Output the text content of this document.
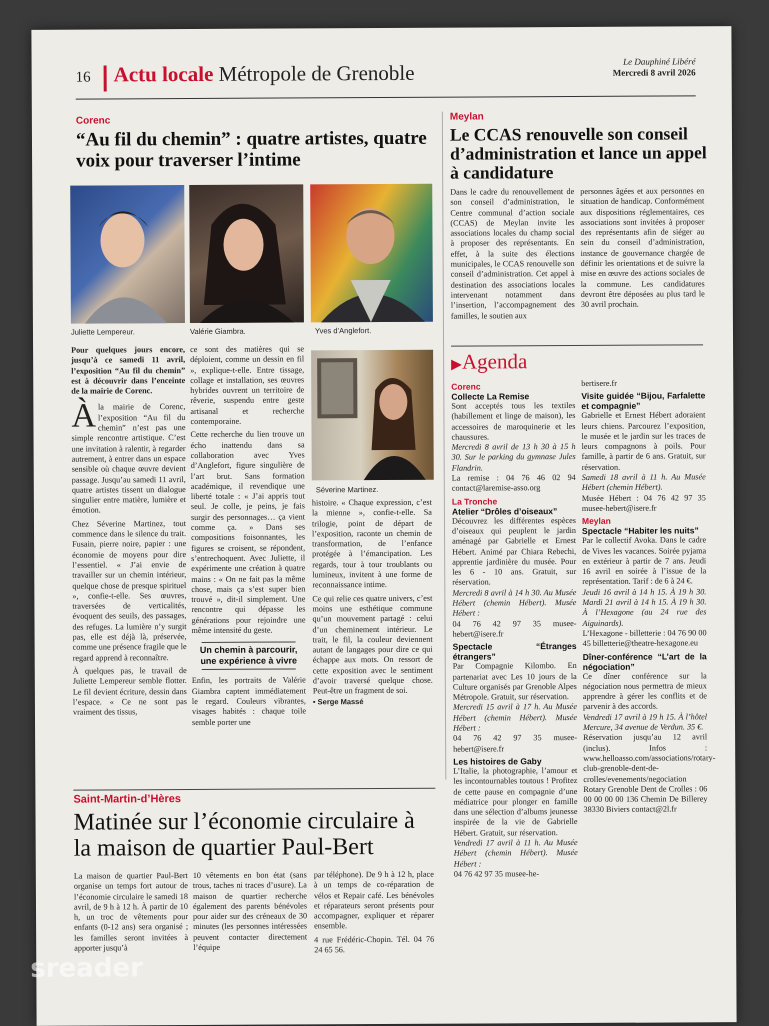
16 Actu locale Métropole de Grenoble	Le Dauphiné Libéré
Mercredi 8 avril 2026
Corenc
“Au fil du chemin” : quatre artistes, quatre voix pour traverser l’intime
Juliette Lempereur.	Valérie Giambra.	Yves d’Anglefort.
Séverine Martinez.

Pour quelques jours encore, jusqu’à ce samedi 11 avril, l’exposition “Au fil du chemin” est à découvrir dans l’enceinte de la mairie de Corenc.

Àla mairie de Corenc, l’exposition “Au fil du chemin” n’est pas une simple rencontre artistique. C’est une invitation à ralentir, à regarder autrement, à entrer dans un espace sensible où chaque œuvre devient passage. Jusqu’au samedi 11 avril, quatre artistes tissent un dialogue singulier entre matière, lumière et émotion.

Chez Séverine Martinez, tout commence dans le silence du trait. Fusain, pierre noire, papier : une économie de moyens pour dire l’essentiel. « J’ai envie de travailler sur un chemin intérieur, quelque chose de presque spirituel », confie-t-elle. Ses œuvres, traversées de verticalités, évoquent des seuils, des passages, des refuges. La lumière n’y surgit pas, elle est déjà là, préservée, comme une présence fragile que le regard apprend à reconnaître.

À quelques pas, le travail de Juliette Lempereur semble flotter. Le fil devient écriture, dessin dans l’espace. « Ce ne sont pas vraiment des tissus,

ce sont des matières qui se déploient, comme un dessin en fil », explique-t-elle. Entre tissage, collage et installation, ses œuvres hybrides ouvrent un territoire de rêverie, suspendu entre geste artisanal et recherche contemporaine.

Cette recherche du lien trouve un écho inattendu dans sa collaboration avec Yves d’Anglefort, figure singulière de l’art brut. Sans formation académique, il revendique une liberté totale : « J’ai appris tout seul. Je colle, je peins, je fais surgir des personnages… ça vient comme ça. » Dans ses compositions foisonnantes, les figures se croisent, se répondent, s’entrechoquent. Avec Juliette, il expérimente une création à quatre mains : « On ne fait pas la même chose, mais ça s’est super bien trouvé », dit-il simplement. Une rencontre qui dépasse les générations pour rejoindre une même intensité du geste.

Un chemin à parcourir, une expérience à vivre

Enfin, les portraits de Valérie Giambra captent immédiatement le regard. Couleurs vibrantes, visages habités : chaque toile semble porter une

histoire. « Chaque expression, c’est la mienne », confie-t-elle. Sa trilogie, point de départ de l’exposition, raconte un chemin de transformation, de l’enfance protégée à l’émancipation. Les regards, tour à tour troublants ou lumineux, invitent à une forme de reconnaissance intime.

Ce qui relie ces quatre univers, c’est moins une esthétique commune qu’un mouvement partagé : celui d’un cheminement intérieur. Le trait, le fil, la couleur deviennent autant de langages pour dire ce qui échappe aux mots. On ressort de cette exposition avec le sentiment d’avoir traversé quelque chose. Peut-être un fragment de soi.

• Serge Massé

Meylan
Le CCAS renouvelle son conseil d’administration et lance un appel à candidature
Dans le cadre du renouvellement de son conseil d’administration, le Centre communal d’action sociale (CCAS) de Meylan invite les associations locales du champ social à proposer des représentants. En effet, à la suite des élections municipales, le CCAS renouvelle son conseil d’administration. Cet appel à destination des associations locales intervenant notamment dans l’insertion, l’accompagnement des familles, le soutien aux
personnes âgées et aux personnes en situation de handicap. Conformément aux dispositions réglementaires, ces associations sont invitées à proposer des représentants afin de siéger au sein du conseil d’administration, instance de gouvernance chargée de définir les orientations et de suivre la mise en œuvre des actions sociales de la commune. Les candidatures devront être déposées au plus tard le 30 avril prochain.
▶Agenda
Corenc
Collecte La Remise
Sont acceptés tous les textiles (habillement et linge de maison), les accessoires de maroquinerie et les chaussures.
Mercredi 8 avril de 13 h 30 à 15 h 30. Sur le parking du gymnase Jules Flandrin.
La remise : 04 76 46 02 94 contact@laremise-asso.org
La Tronche
Atelier “Drôles d’oiseaux”
Découvrez les différentes espèces d’oiseaux qui peuplent le jardin aménagé par Gabrielle et Ernest Hébert. Animé par Chiara Rebechi, apprentie jardinière du musée. Pour les 6 - 10 ans. Gratuit, sur réservation.
Mercredi 8 avril à 14 h 30. Au Musée Hébert (chemin Hébert). Musée Hébert :
04 76 42 97 35 musee-hebert@isere.fr
Spectacle “Étranges étrangers”
Par Compagnie Kilombo. En partenariat avec Les 10 jours de la Culture organisés par Grenoble Alpes Métropole. Gratuit, sur réservation.
Mercredi 15 avril à 17 h. Au Musée Hébert (chemin Hébert). Musée Hébert :
04 76 42 97 35 musee-hebert@isere.fr
Les histoires de Gaby
L’Italie, la photographie, l’amour et les incontournables toutous ! Profitez de cette pause en compagnie d’une médiatrice pour plonger en famille dans une sélection d’albums jeunesse inspirée de la vie de Gabrielle Hébert. Gratuit, sur réservation.
Vendredi 17 avril à 11 h. Au Musée Hébert (chemin Hébert). Musée Hébert :
04 76 42 97 35 musee-he-
bertisere.fr
Visite guidée “Bijou, Farfalette et compagnie”
Gabrielle et Ernest Hébert adoraient leurs chiens. Parcourez l’exposition, le musée et le jardin sur les traces de leurs compagnons à poils. Pour famille, à partir de 6 ans. Gratuit, sur réservation.
Samedi 18 avril à 11 h. Au Musée Hébert (chemin Hébert).
Musée Hébert : 04 76 42 97 35 musee-hebert@isere.fr
Meylan
Spectacle “Habiter les nuits”
Par le collectif Avoka. Dans le cadre de Vives les vacances. Soirée pyjama en extérieur à partir de 7 ans. Jeudi 16 avril en soirée à l’issue de la représentation. Tarif : de 6 à 24 €.
Jeudi 16 avril à 14 h 15. À 19 h 30. Mardi 21 avril à 14 h 15. À 19 h 30. À l’Hexagone (au 24 rue des Aiguinards).
L’Hexagone - billetterie : 04 76 90 00 45 billetterie@theatre-hexagone.eu
Dîner-conférence “L’art de la négociation”
Ce dîner conférence sur la négociation nous permettra de mieux apprendre à gérer les conflits et de parvenir à des accords.
Vendredi 17 avril à 19 h 15. À l’hôtel Mercure, 34 avenue de Verdun. 35 €.
Réservation jusqu’au 12 avril (inclus). Infos : www.helloasso.com/associations/rotary-club-grenoble-dent-de-crolles/evenements/negociation Rotary Grenoble Dent de Crolles : 06 00 00 00 00 136 Chemin De Billerey 38330 Biviers contact@2l.fr
Saint-Martin-d’Hères
Matinée sur l’économie circulaire à la maison de quartier Paul-Bert
La maison de quartier Paul-Bert organise un temps fort autour de l’économie circulaire le samedi 18 avril, de 9 h à 12 h. À partir de 10 h, un troc de vêtements pour enfants (0-12 ans) sera organisé ; les familles seront invitées à apporter jusqu’à
10 vêtements en bon état (sans trous, taches ni traces d’usure). La maison de quartier recherche également des parents bénévoles pour aider sur des créneaux de 30 minutes (les personnes intéressées peuvent contacter directement l’équipe

par téléphone). De 9 h à 12 h, place à un temps de co-réparation de vélos et Repair café. Les bénévoles et réparateurs seront présents pour accompagner, expliquer et réparer ensemble.

4 rue Frédéric-Chopin. Tél. 04 76 24 65 56.

sreader
